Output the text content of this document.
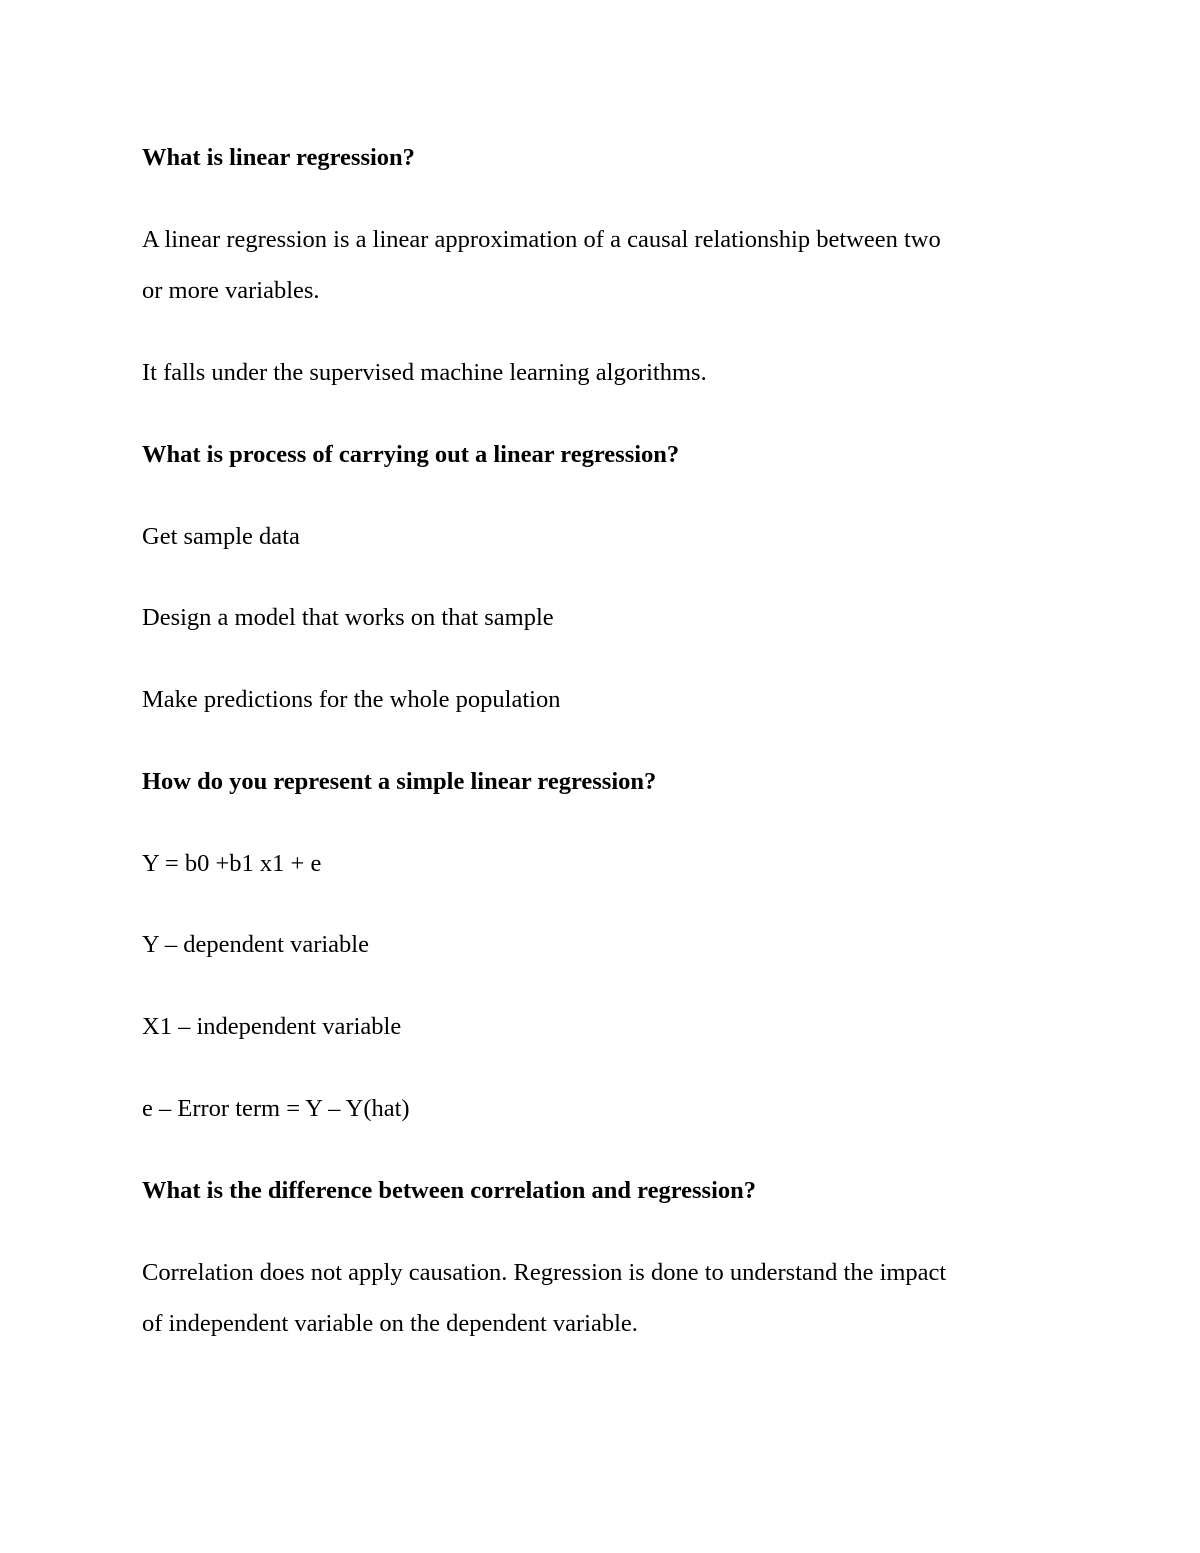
What is linear regression?

A linear regression is a linear approximation of a causal relationship between two

or more variables.

It falls under the supervised machine learning algorithms.

What is process of carrying out a linear regression?

Get sample data

Design a model that works on that sample

Make predictions for the whole population

How do you represent a simple linear regression?

Y = b0 +b1 x1 + e

Y – dependent variable

X1 – independent variable

e – Error term = Y – Y(hat)

What is the difference between correlation and regression?

Correlation does not apply causation. Regression is done to understand the impact

of independent variable on the dependent variable.
